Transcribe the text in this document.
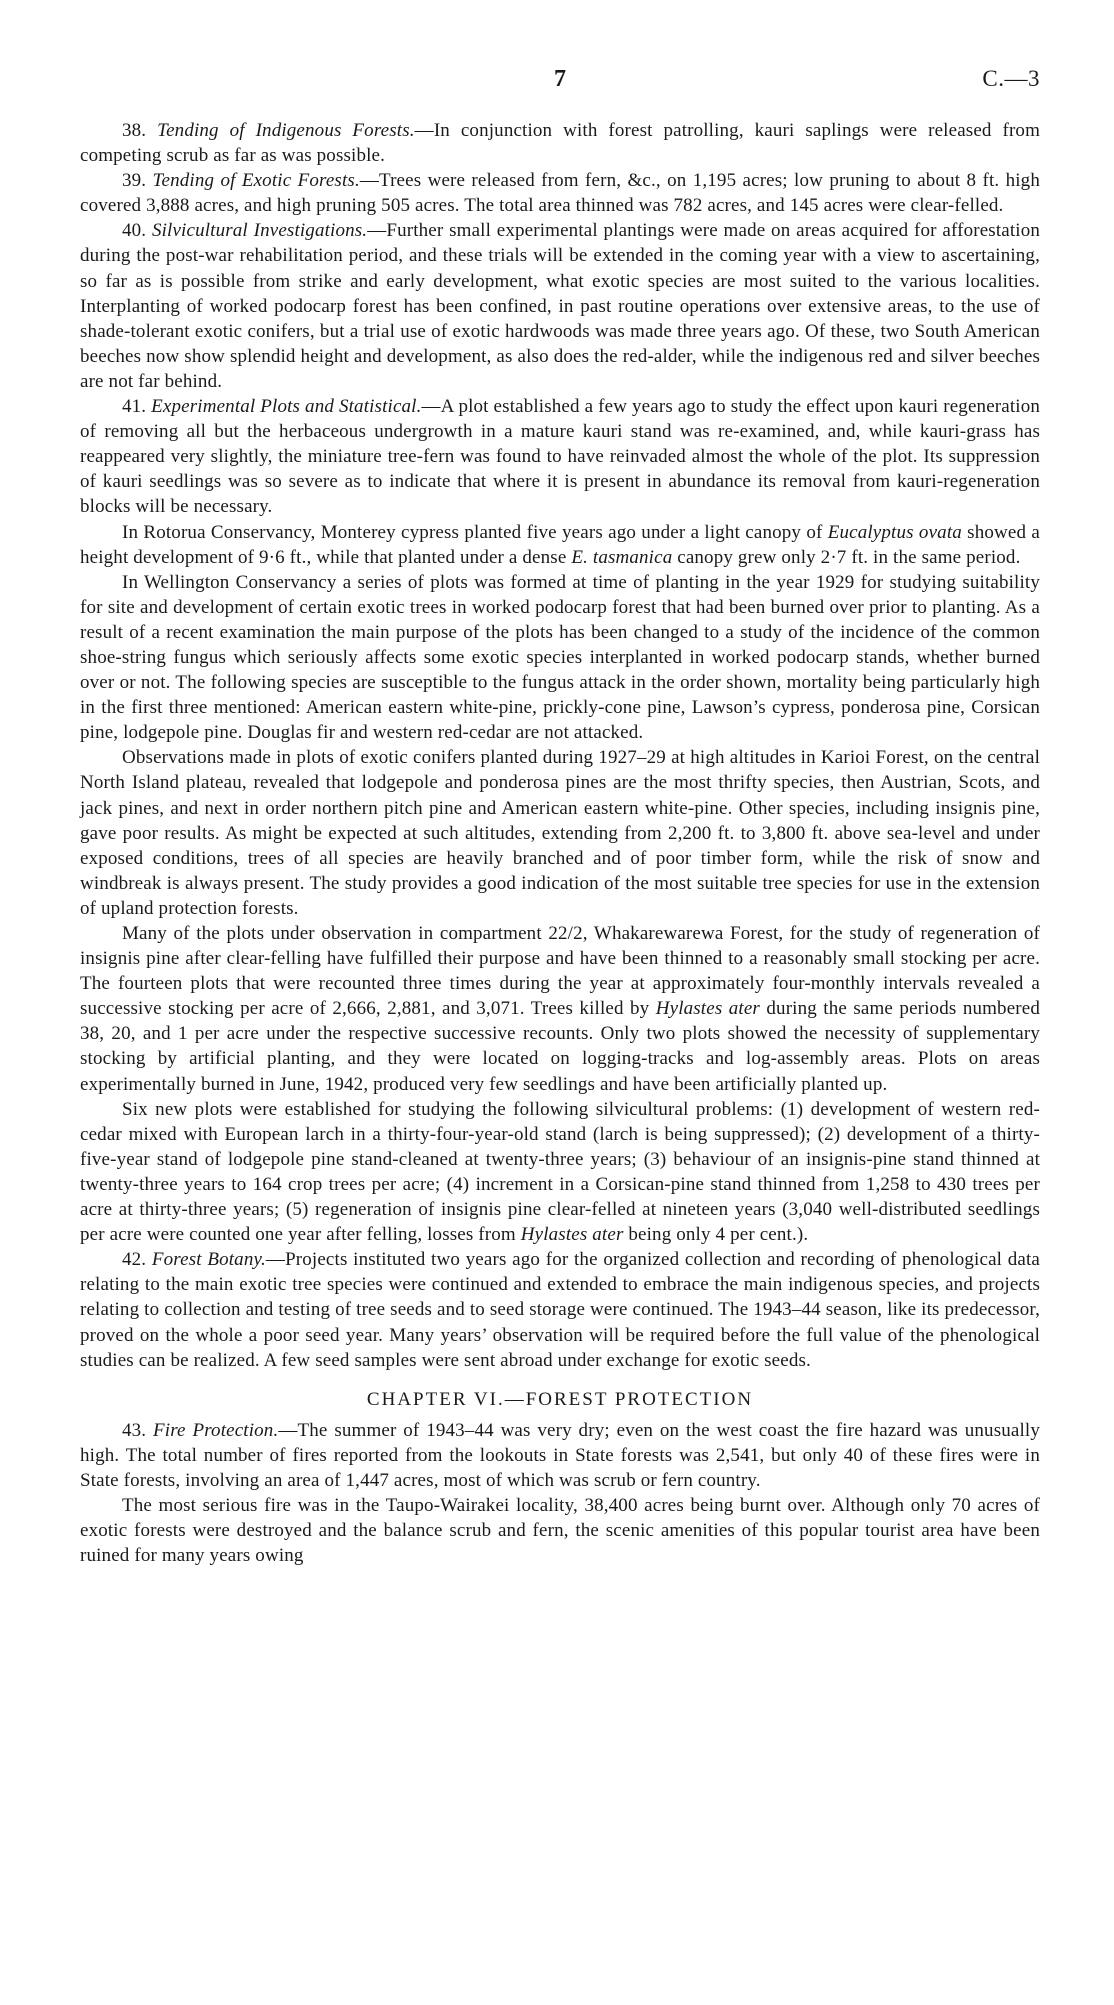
7	C.—3

38. Tending of Indigenous Forests.—In conjunction with forest patrolling, kauri saplings were released from competing scrub as far as was possible.

39. Tending of Exotic Forests.—Trees were released from fern, &c., on 1,195 acres; low pruning to about 8 ft. high covered 3,888 acres, and high pruning 505 acres. The total area thinned was 782 acres, and 145 acres were clear-felled.

40. Silvicultural Investigations.—Further small experimental plantings were made on areas acquired for afforestation during the post-war rehabilitation period, and these trials will be extended in the coming year with a view to ascertaining, so far as is possible from strike and early development, what exotic species are most suited to the various localities. Interplanting of worked podocarp forest has been confined, in past routine operations over extensive areas, to the use of shade-tolerant exotic conifers, but a trial use of exotic hardwoods was made three years ago. Of these, two South American beeches now show splendid height and development, as also does the red-alder, while the indigenous red and silver beeches are not far behind.

41. Experimental Plots and Statistical.—A plot established a few years ago to study the effect upon kauri regeneration of removing all but the herbaceous undergrowth in a mature kauri stand was re-examined, and, while kauri-grass has reappeared very slightly, the miniature tree-fern was found to have reinvaded almost the whole of the plot. Its suppression of kauri seedlings was so severe as to indicate that where it is present in abundance its removal from kauri-regeneration blocks will be necessary.

In Rotorua Conservancy, Monterey cypress planted five years ago under a light canopy of Eucalyptus ovata showed a height development of 9·6 ft., while that planted under a dense E. tasmanica canopy grew only 2·7 ft. in the same period.

In Wellington Conservancy a series of plots was formed at time of planting in the year 1929 for studying suitability for site and development of certain exotic trees in worked podocarp forest that had been burned over prior to planting. As a result of a recent examination the main purpose of the plots has been changed to a study of the incidence of the common shoe-string fungus which seriously affects some exotic species interplanted in worked podocarp stands, whether burned over or not. The following species are susceptible to the fungus attack in the order shown, mortality being particularly high in the first three mentioned: American eastern white-pine, prickly-cone pine, Lawson’s cypress, ponderosa pine, Corsican pine, lodgepole pine. Douglas fir and western red-cedar are not attacked.

Observations made in plots of exotic conifers planted during 1927–29 at high altitudes in Karioi Forest, on the central North Island plateau, revealed that lodgepole and ponderosa pines are the most thrifty species, then Austrian, Scots, and jack pines, and next in order northern pitch pine and American eastern white-pine. Other species, including insignis pine, gave poor results. As might be expected at such altitudes, extending from 2,200 ft. to 3,800 ft. above sea-level and under exposed conditions, trees of all species are heavily branched and of poor timber form, while the risk of snow and windbreak is always present. The study provides a good indication of the most suitable tree species for use in the extension of upland protection forests.

Many of the plots under observation in compartment 22/2, Whakarewarewa Forest, for the study of regeneration of insignis pine after clear-felling have fulfilled their purpose and have been thinned to a reasonably small stocking per acre. The fourteen plots that were recounted three times during the year at approximately four-monthly intervals revealed a successive stocking per acre of 2,666, 2,881, and 3,071. Trees killed by Hylastes ater during the same periods numbered 38, 20, and 1 per acre under the respective successive recounts. Only two plots showed the necessity of supplementary stocking by artificial planting, and they were located on logging-tracks and log-assembly areas. Plots on areas experimentally burned in June, 1942, produced very few seedlings and have been artificially planted up.

Six new plots were established for studying the following silvicultural problems: (1) development of western red-cedar mixed with European larch in a thirty-four-year-old stand (larch is being suppressed); (2) development of a thirty-five-year stand of lodgepole pine stand-cleaned at twenty-three years; (3) behaviour of an insignis-pine stand thinned at twenty-three years to 164 crop trees per acre; (4) increment in a Corsican-pine stand thinned from 1,258 to 430 trees per acre at thirty-three years; (5) regeneration of insignis pine clear-felled at nineteen years (3,040 well-distributed seedlings per acre were counted one year after felling, losses from Hylastes ater being only 4 per cent.).

42. Forest Botany.—Projects instituted two years ago for the organized collection and recording of phenological data relating to the main exotic tree species were continued and extended to embrace the main indigenous species, and projects relating to collection and testing of tree seeds and to seed storage were continued. The 1943–44 season, like its predecessor, proved on the whole a poor seed year. Many years’ observation will be required before the full value of the phenological studies can be realized. A few seed samples were sent abroad under exchange for exotic seeds.

CHAPTER VI.—FOREST PROTECTION

43. Fire Protection.—The summer of 1943–44 was very dry; even on the west coast the fire hazard was unusually high. The total number of fires reported from the lookouts in State forests was 2,541, but only 40 of these fires were in State forests, involving an area of 1,447 acres, most of which was scrub or fern country.

The most serious fire was in the Taupo-Wairakei locality, 38,400 acres being burnt over. Although only 70 acres of exotic forests were destroyed and the balance scrub and fern, the scenic amenities of this popular tourist area have been ruined for many years owing
